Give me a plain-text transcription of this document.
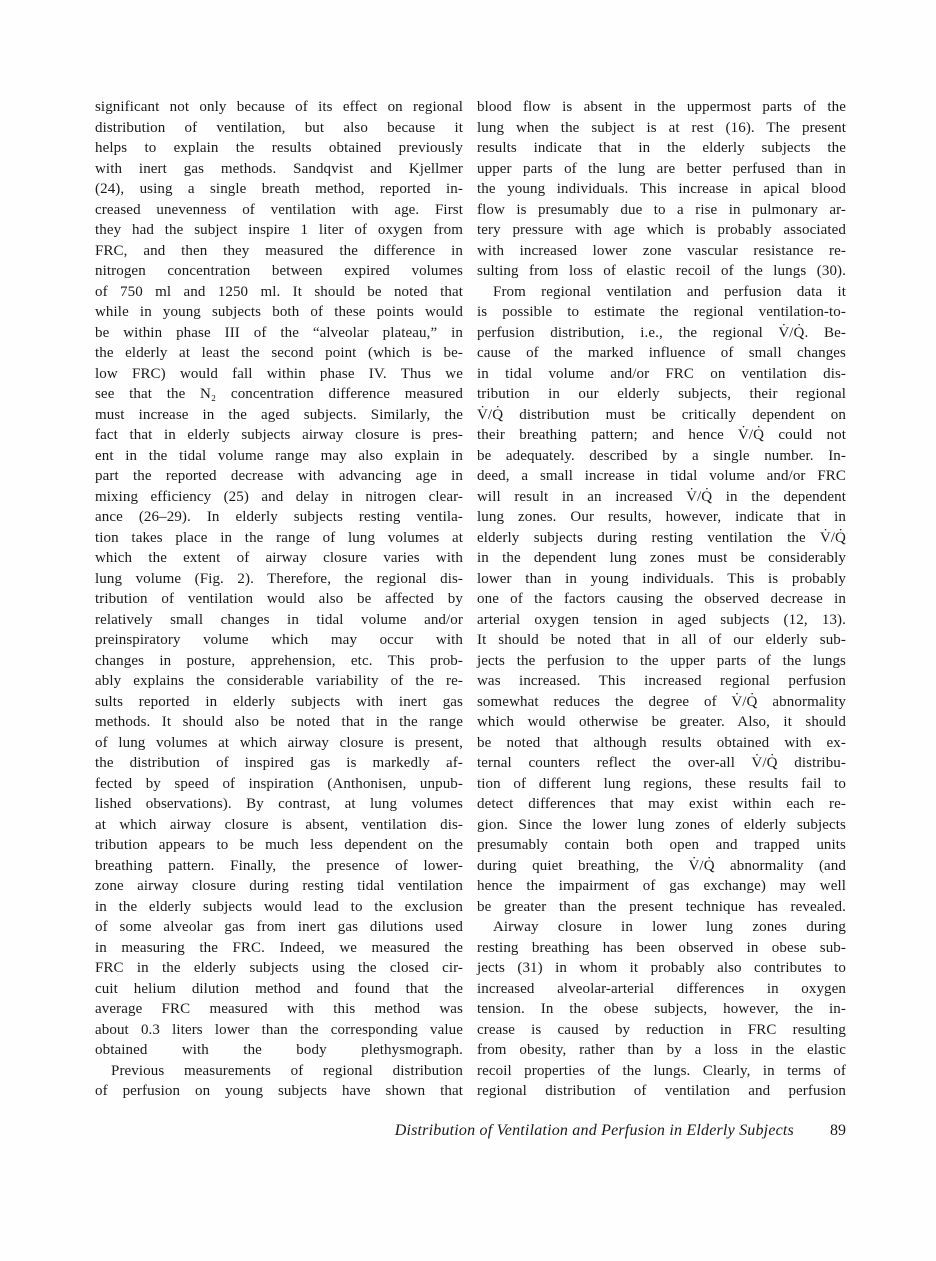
significant not only because of its effect on regional
distribution of ventilation, but also because it
helps to explain the results obtained previously
with inert gas methods. Sandqvist and Kjellmer
(24), using a single breath method, reported in-
creased unevenness of ventilation with age. First
they had the subject inspire 1 liter of oxygen from
FRC, and then they measured the difference in
nitrogen concentration between expired volumes
of 750 ml and 1250 ml. It should be noted that
while in young subjects both of these points would
be within phase III of the “alveolar plateau,” in
the elderly at least the second point (which is be-
low FRC) would fall within phase IV. Thus we
see that the N₂ concentration difference measured
must increase in the aged subjects. Similarly, the
fact that in elderly subjects airway closure is pres-
ent in the tidal volume range may also explain in
part the reported decrease with advancing age in
mixing efficiency (25) and delay in nitrogen clear-
ance (26–29). In elderly subjects resting ventila-
tion takes place in the range of lung volumes at
which the extent of airway closure varies with
lung volume (Fig. 2). Therefore, the regional dis-
tribution of ventilation would also be affected by
relatively small changes in tidal volume and/or
preinspiratory volume which may occur with
changes in posture, apprehension, etc. This prob-
ably explains the considerable variability of the re-
sults reported in elderly subjects with inert gas
methods. It should also be noted that in the range
of lung volumes at which airway closure is present,
the distribution of inspired gas is markedly af-
fected by speed of inspiration (Anthonisen, unpub-
lished observations). By contrast, at lung volumes
at which airway closure is absent, ventilation dis-
tribution appears to be much less dependent on the
breathing pattern. Finally, the presence of lower-
zone airway closure during resting tidal ventilation
in the elderly subjects would lead to the exclusion
of some alveolar gas from inert gas dilutions used
in measuring the FRC. Indeed, we measured the
FRC in the elderly subjects using the closed cir-
cuit helium dilution method and found that the
average FRC measured with this method was
about 0.3 liters lower than the corresponding value
obtained with the body plethysmograph.
Previous measurements of regional distribution
of perfusion on young subjects have shown that
blood flow is absent in the uppermost parts of the
lung when the subject is at rest (16). The present
results indicate that in the elderly subjects the
upper parts of the lung are better perfused than in
the young individuals. This increase in apical blood
flow is presumably due to a rise in pulmonary ar-
tery pressure with age which is probably associated
with increased lower zone vascular resistance re-
sulting from loss of elastic recoil of the lungs (30).
From regional ventilation and perfusion data it
is possible to estimate the regional ventilation-to-
perfusion distribution, i.e., the regional V̇/Q̇. Be-
cause of the marked influence of small changes
in tidal volume and/or FRC on ventilation dis-
tribution in our elderly subjects, their regional
V̇/Q̇ distribution must be critically dependent on
their breathing pattern; and hence V̇/Q̇ could not
be adequately. described by a single number. In-
deed, a small increase in tidal volume and/or FRC
will result in an increased V̇/Q̇ in the dependent
lung zones. Our results, however, indicate that in
elderly subjects during resting ventilation the V̇/Q̇
in the dependent lung zones must be considerably
lower than in young individuals. This is probably
one of the factors causing the observed decrease in
arterial oxygen tension in aged subjects (12, 13).
It should be noted that in all of our elderly sub-
jects the perfusion to the upper parts of the lungs
was increased. This increased regional perfusion
somewhat reduces the degree of V̇/Q̇ abnormality
which would otherwise be greater. Also, it should
be noted that although results obtained with ex-
ternal counters reflect the over-all V̇/Q̇ distribu-
tion of different lung regions, these results fail to
detect differences that may exist within each re-
gion. Since the lower lung zones of elderly subjects
presumably contain both open and trapped units
during quiet breathing, the V̇/Q̇ abnormality (and
hence the impairment of gas exchange) may well
be greater than the present technique has revealed.
Airway closure in lower lung zones during
resting breathing has been observed in obese sub-
jects (31) in whom it probably also contributes to
increased alveolar-arterial differences in oxygen
tension. In the obese subjects, however, the in-
crease is caused by reduction in FRC resulting
from obesity, rather than by a loss in the elastic
recoil properties of the lungs. Clearly, in terms of
regional distribution of ventilation and perfusion
Distribution of Ventilation and Perfusion in Elderly Subjects 89
